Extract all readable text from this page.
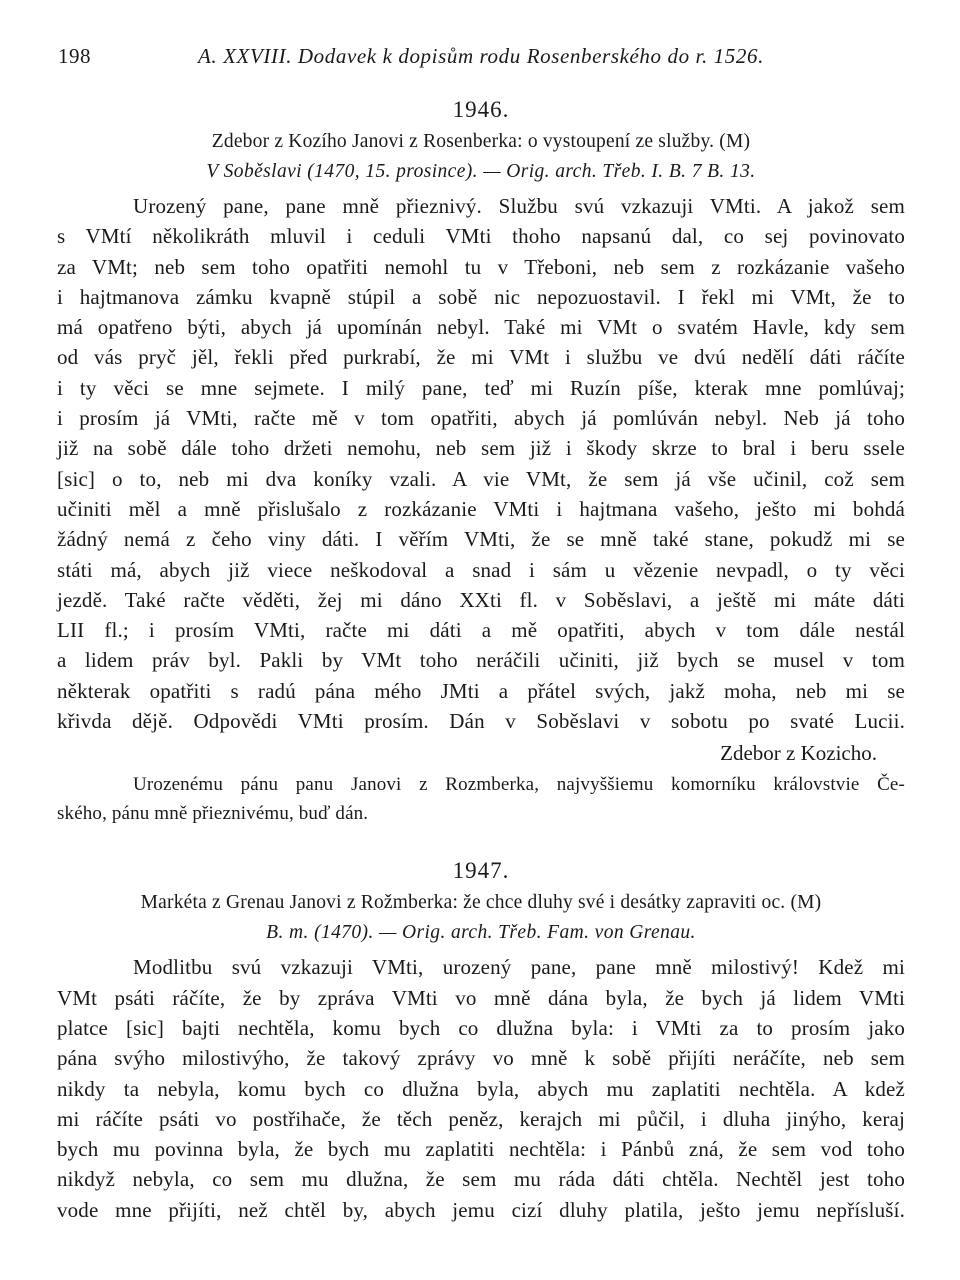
198	A. XXVIII. Dodavek k dopisům rodu Rosenberského do r. 1526.

1946.

Zdebor z Kozího Janovi z Rosenberka: o vystoupení ze služby. (M)

V Soběslavi (1470, 15. prosince). — Orig. arch. Třeb. I. B. 7 B. 13.

Urozený pane, pane mně přieznivý. Službu svú vzkazuji VMti. A jakož sem
s VMtí několikráth mluvil i ceduli VMti thoho napsanú dal, co sej povinovato
za VMt; neb sem toho opatřiti nemohl tu v Třeboni, neb sem z rozkázanie vašeho
i hajtmanova zámku kvapně stúpil a sobě nic nepozuostavil. I řekl mi VMt, že to
má opatřeno býti, abych já upomínán nebyl. Také mi VMt o svatém Havle, kdy sem
od vás pryč jěl, řekli před purkrabí, že mi VMt i službu ve dvú nedělí dáti ráčíte
i ty věci se mne sejmete. I milý pane, teď mi Ruzín píše, kterak mne pomlúvaj;
i prosím já VMti, račte mě v tom opatřiti, abych já pomlúván nebyl. Neb já toho
již na sobě dále toho držeti nemohu, neb sem již i škody skrze to bral i beru ssele
[sic] o to, neb mi dva koníky vzali. A vie VMt, že sem já vše učinil, což sem
učiniti měl a mně přislušalo z rozkázanie VMti i hajtmana vašeho, ješto mi bohdá
žádný nemá z čeho viny dáti. I věřím VMti, že se mně také stane, pokudž mi se
státi má, abych již viece neškodoval a snad i sám u vězenie nevpadl, o ty věci
jezdě. Také račte věděti, žej mi dáno XXti fl. v Soběslavi, a ještě mi máte dáti
LII fl.; i prosím VMti, račte mi dáti a mě opatřiti, abych v tom dále nestál
a lidem práv byl. Pakli by VMt toho neráčili učiniti, již bych se musel v tom
některak opatřiti s radú pána mého JMti a přátel svých, jakž moha, neb mi se
křivda dějě. Odpovědi VMti prosím. Dán v Soběslavi v sobotu po svaté Lucii.

Zdebor z Kozicho.

Urozenému pánu panu Janovi z Rozmberka, najvyššiemu komorníku královstvie Če-
ského, pánu mně přieznivému, buď dán.

1947.

Markéta z Grenau Janovi z Rožmberka: že chce dluhy své i desátky zapraviti oc. (M)

B. m. (1470). — Orig. arch. Třeb. Fam. von Grenau.

Modlitbu svú vzkazuji VMti, urozený pane, pane mně milostivý! Kdež mi
VMt psáti ráčíte, že by zpráva VMti vo mně dána byla, že bych já lidem VMti
platce [sic] bajti nechtěla, komu bych co dlužna byla: i VMti za to prosím jako
pána svýho milostivýho, že takový zprávy vo mně k sobě přijíti neráčíte, neb sem
nikdy ta nebyla, komu bych co dlužna byla, abych mu zaplatiti nechtěla. A kdež
mi ráčíte psáti vo postřihače, že těch peněz, kerajch mi půčil, i dluha jinýho, keraj
bych mu povinna byla, že bych mu zaplatiti nechtěla: i Pánbů zná, že sem vod toho
nikdyž nebyla, co sem mu dlužna, že sem mu ráda dáti chtěla. Nechtěl jest toho
vode mne přijíti, než chtěl by, abych jemu cizí dluhy platila, ješto jemu nepřísluší.
